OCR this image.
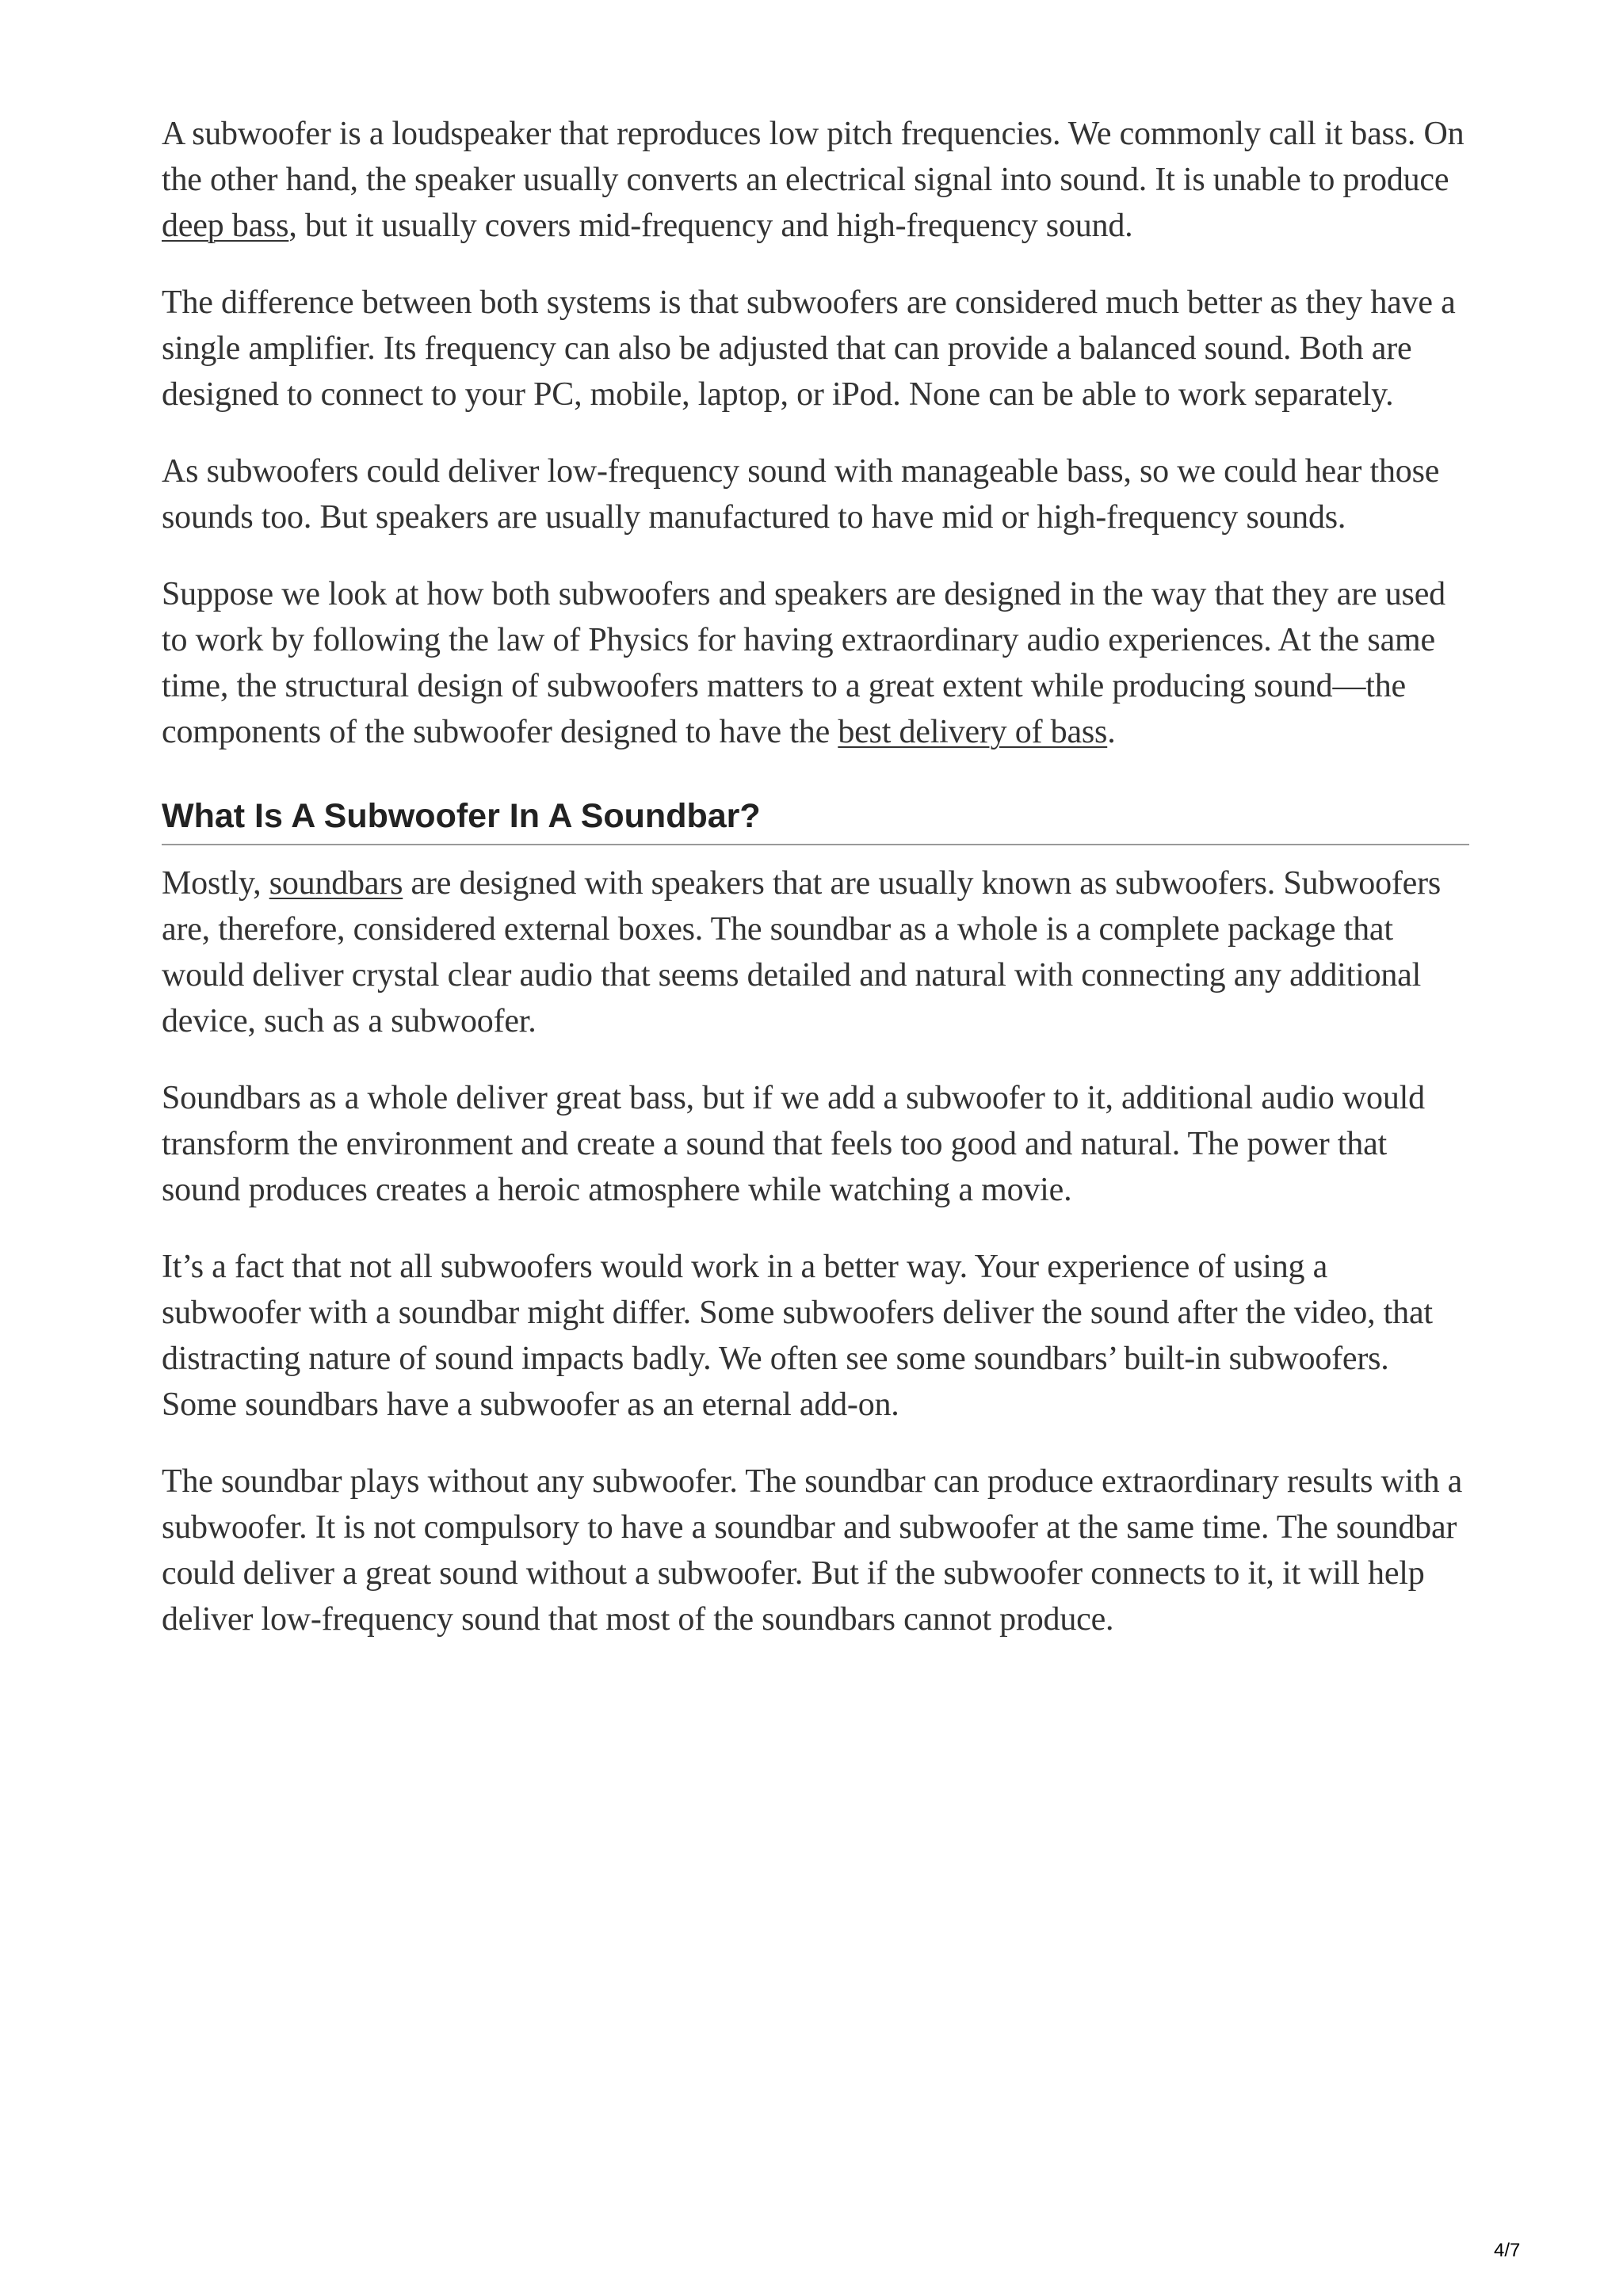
A subwoofer is a loudspeaker that reproduces low pitch frequencies. We commonly call it bass. On the other hand, the speaker usually converts an electrical signal into sound. It is unable to produce deep bass, but it usually covers mid-frequency and high-frequency sound.

The difference between both systems is that subwoofers are considered much better as they have a single amplifier. Its frequency can also be adjusted that can provide a balanced sound. Both are designed to connect to your PC, mobile, laptop, or iPod. None can be able to work separately.

As subwoofers could deliver low-frequency sound with manageable bass, so we could hear those sounds too. But speakers are usually manufactured to have mid or high-frequency sounds.

Suppose we look at how both subwoofers and speakers are designed in the way that they are used to work by following the law of Physics for having extraordinary audio experiences. At the same time, the structural design of subwoofers matters to a great extent while producing sound—the components of the subwoofer designed to have the best delivery of bass.

What Is A Subwoofer In A Soundbar?

Mostly, soundbars are designed with speakers that are usually known as subwoofers. Subwoofers are, therefore, considered external boxes. The soundbar as a whole is a complete package that would deliver crystal clear audio that seems detailed and natural with connecting any additional device, such as a subwoofer.

Soundbars as a whole deliver great bass, but if we add a subwoofer to it, additional audio would transform the environment and create a sound that feels too good and natural. The power that sound produces creates a heroic atmosphere while watching a movie.

It’s a fact that not all subwoofers would work in a better way. Your experience of using a subwoofer with a soundbar might differ. Some subwoofers deliver the sound after the video, that distracting nature of sound impacts badly. We often see some soundbars’ built-in subwoofers. Some soundbars have a subwoofer as an eternal add-on.

The soundbar plays without any subwoofer. The soundbar can produce extraordinary results with a subwoofer. It is not compulsory to have a soundbar and subwoofer at the same time. The soundbar could deliver a great sound without a subwoofer. But if the subwoofer connects to it, it will help deliver low-frequency sound that most of the soundbars cannot produce.

4/7
